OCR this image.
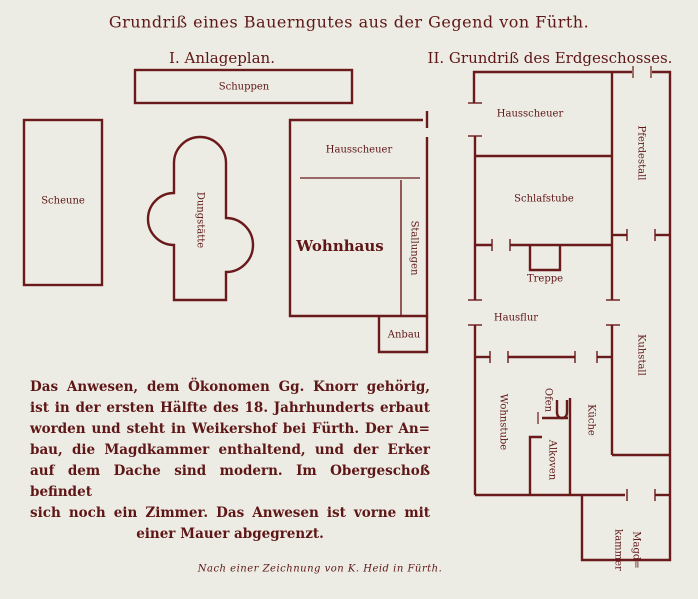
Grundriß eines Bauerngutes aus der Gegend von Fürth.
I. Anlageplan.	II. Grundriß des Erdgeschosses.
Schuppen
Scheune	Dungstätte
Hausscheuer
Wohnhaus Stallungen
Anbau
Hausscheuer
Pferdestall
Schlafstube
Treppe
Hausflur
Kuhstall
Ofen
Wohnstube	Küche
Alkoven
Magd=
kammer
Das Anwesen, dem Ökonomen Gg. Knorr gehörig,
ist in der ersten Hälfte des 18. Jahrhunderts erbaut
worden und steht in Weikershof bei Fürth. Der An=
bau, die Magdkammer enthaltend, und der Erker
auf dem Dache sind modern. Im Obergeschoß befindet
sich noch ein Zimmer. Das Anwesen ist vorne mit
einer Mauer abgegrenzt.
Nach einer Zeichnung von K. Heid in Fürth.
